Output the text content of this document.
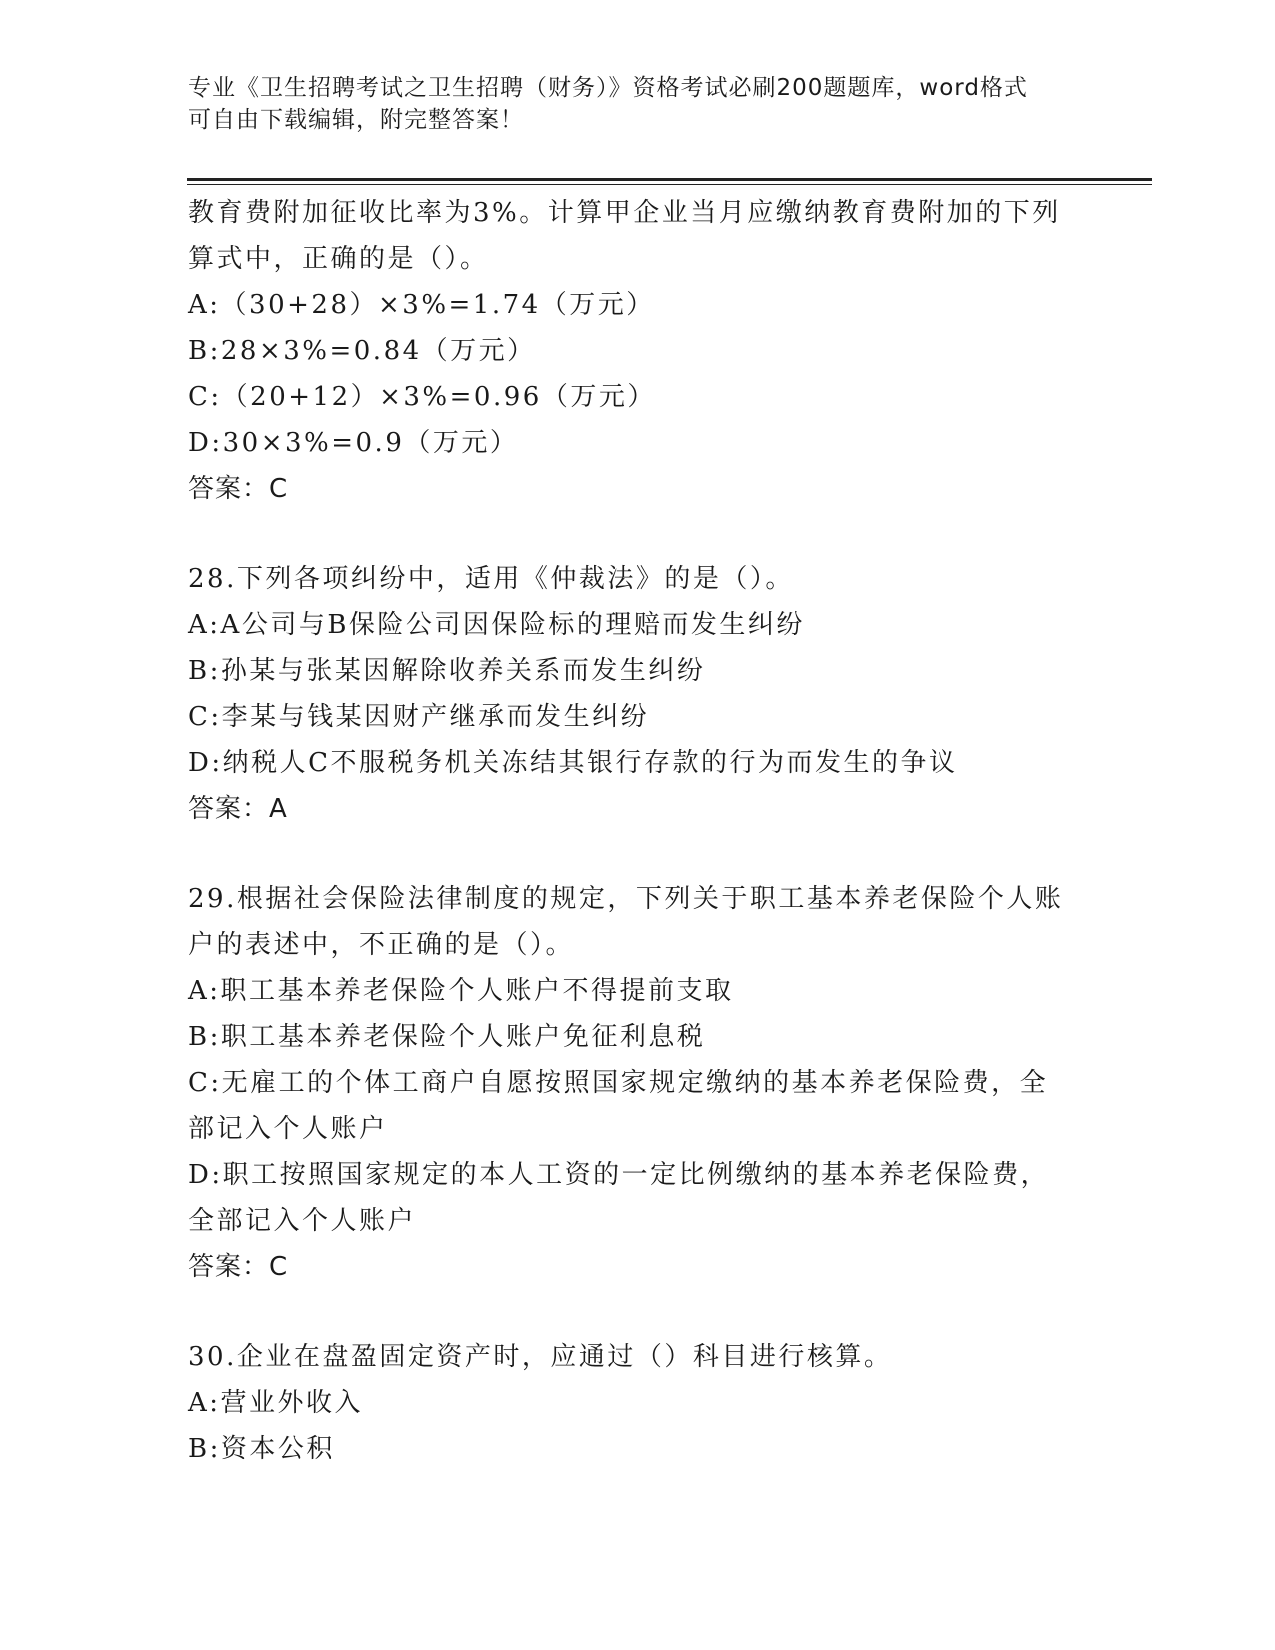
专业《卫生招聘考试之卫生招聘（财务）》资格考试必刷200题题库，word格式
可自由下载编辑，附完整答案！
教育费附加征收比率为3%。计算甲企业当月应缴纳教育费附加的下列
算式中，正确的是（）。
A:（30+28）×3%=1.74（万元）
B:28×3%=0.84（万元）
C:（20+12）×3%=0.96（万元）
D:30×3%=0.9（万元）
答案：C
28.下列各项纠纷中，适用《仲裁法》的是（）。
A:A公司与B保险公司因保险标的理赔而发生纠纷
B:孙某与张某因解除收养关系而发生纠纷
C:李某与钱某因财产继承而发生纠纷
D:纳税人C不服税务机关冻结其银行存款的行为而发生的争议
答案：A
29.根据社会保险法律制度的规定，下列关于职工基本养老保险个人账
户的表述中，不正确的是（）。
A:职工基本养老保险个人账户不得提前支取
B:职工基本养老保险个人账户免征利息税
C:无雇工的个体工商户自愿按照国家规定缴纳的基本养老保险费，全
部记入个人账户
D:职工按照国家规定的本人工资的一定比例缴纳的基本养老保险费，
全部记入个人账户
答案：C
30.企业在盘盈固定资产时，应通过（）科目进行核算。
A:营业外收入
B:资本公积
